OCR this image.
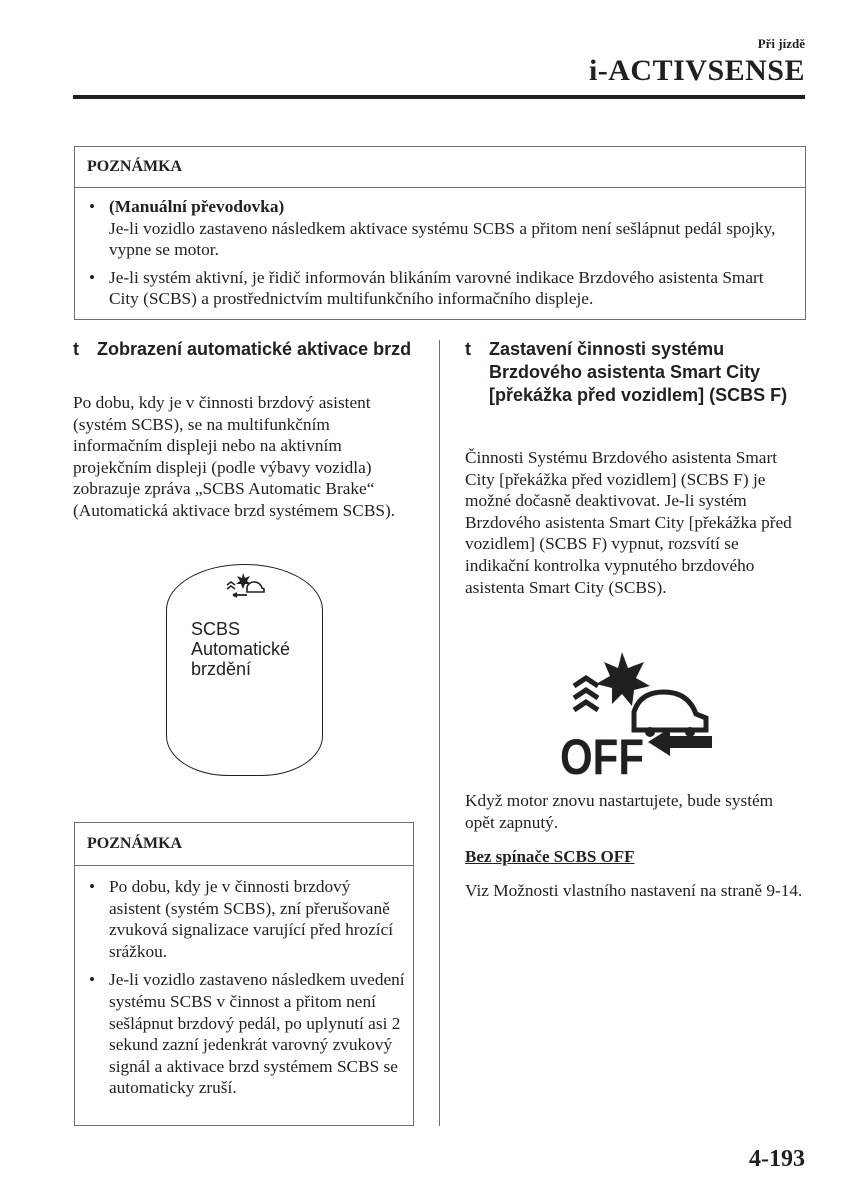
Při jízdě
i-ACTIVSENSE
POZNÁMKA
• (Manuální převodovka)
Je-li vozidlo zastaveno následkem aktivace systému SCBS a přitom není sešlápnut pedál spojky, vypne se motor.
• Je-li systém aktivní, je řidič informován blikáním varovné indikace Brzdového asistenta Smart City (SCBS) a prostřednictvím multifunkčního informačního displeje.
t	Zobrazení automatické aktivace brzd
Po dobu, kdy je v činnosti brzdový asistent (systém SCBS), se na multifunkčním informačním displeji nebo na aktivním projekčním displeji (podle výbavy vozidla) zobrazuje zpráva „SCBS Automatic Brake“ (Automatická aktivace brzd systémem SCBS).
SCBS
Automatické
brzdění
POZNÁMKA
• Po dobu, kdy je v činnosti brzdový asistent (systém SCBS), zní přerušovaně zvuková signalizace varující před hrozící srážkou.
• Je-li vozidlo zastaveno následkem uvedení systému SCBS v činnost a přitom není sešlápnut brzdový pedál, po uplynutí asi 2 sekund zazní jedenkrát varovný zvukový signál a aktivace brzd systémem SCBS se automaticky zruší.
t	Zastavení činnosti systému Brzdového asistenta Smart City [překážka před vozidlem] (SCBS F)
Činnosti Systému Brzdového asistenta Smart City [překážka před vozidlem] (SCBS F) je možné dočasně deaktivovat. Je-li systém Brzdového asistenta Smart City [překážka před vozidlem] (SCBS F) vypnut, rozsvítí se indikační kontrolka vypnutého brzdového asistenta Smart City (SCBS).
OFF
Když motor znovu nastartujete, bude systém opět zapnutý.
Bez spínače SCBS OFF
Viz Možnosti vlastního nastavení na straně 9-14.
4-193
